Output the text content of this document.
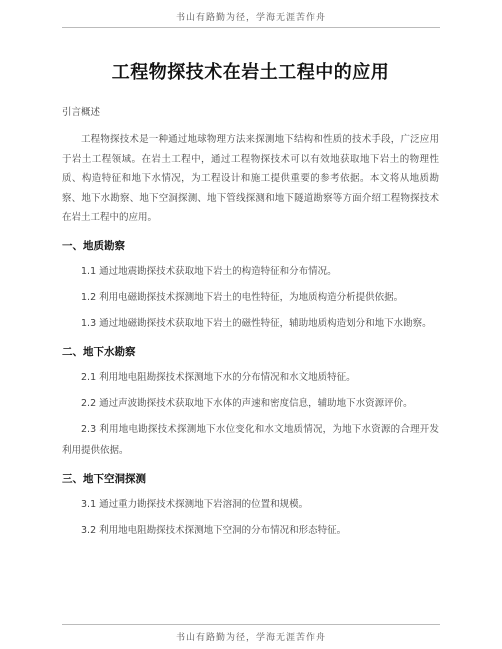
书山有路勤为径，学海无涯苦作舟
工程物探技术在岩土工程中的应用

引言概述

工程物探技术是一种通过地球物理方法来探测地下结构和性质的技术手段，广泛应用于岩土工程领域。在岩土工程中，通过工程物探技术可以有效地获取地下岩土的物理性质、构造特征和地下水情况，为工程设计和施工提供重要的参考依据。本文将从地质勘察、地下水勘察、地下空洞探测、地下管线探测和地下隧道勘察等方面介绍工程物探技术在岩土工程中的应用。

一、地质勘察

1.1 通过地震勘探技术获取地下岩土的构造特征和分布情况。

1.2 利用电磁勘探技术探测地下岩土的电性特征，为地质构造分析提供依据。

1.3 通过地磁勘探技术获取地下岩土的磁性特征，辅助地质构造划分和地下水勘察。

二、地下水勘察

2.1 利用地电阻勘探技术探测地下水的分布情况和水文地质特征。

2.2 通过声波勘探技术获取地下水体的声速和密度信息，辅助地下水资源评价。

2.3 利用地电勘探技术探测地下水位变化和水文地质情况，为地下水资源的合理开发利用提供依据。

三、地下空洞探测

3.1 通过重力勘探技术探测地下岩溶洞的位置和规模。

3.2 利用地电阻勘探技术探测地下空洞的分布情况和形态特征。

书山有路勤为径，学海无涯苦作舟
